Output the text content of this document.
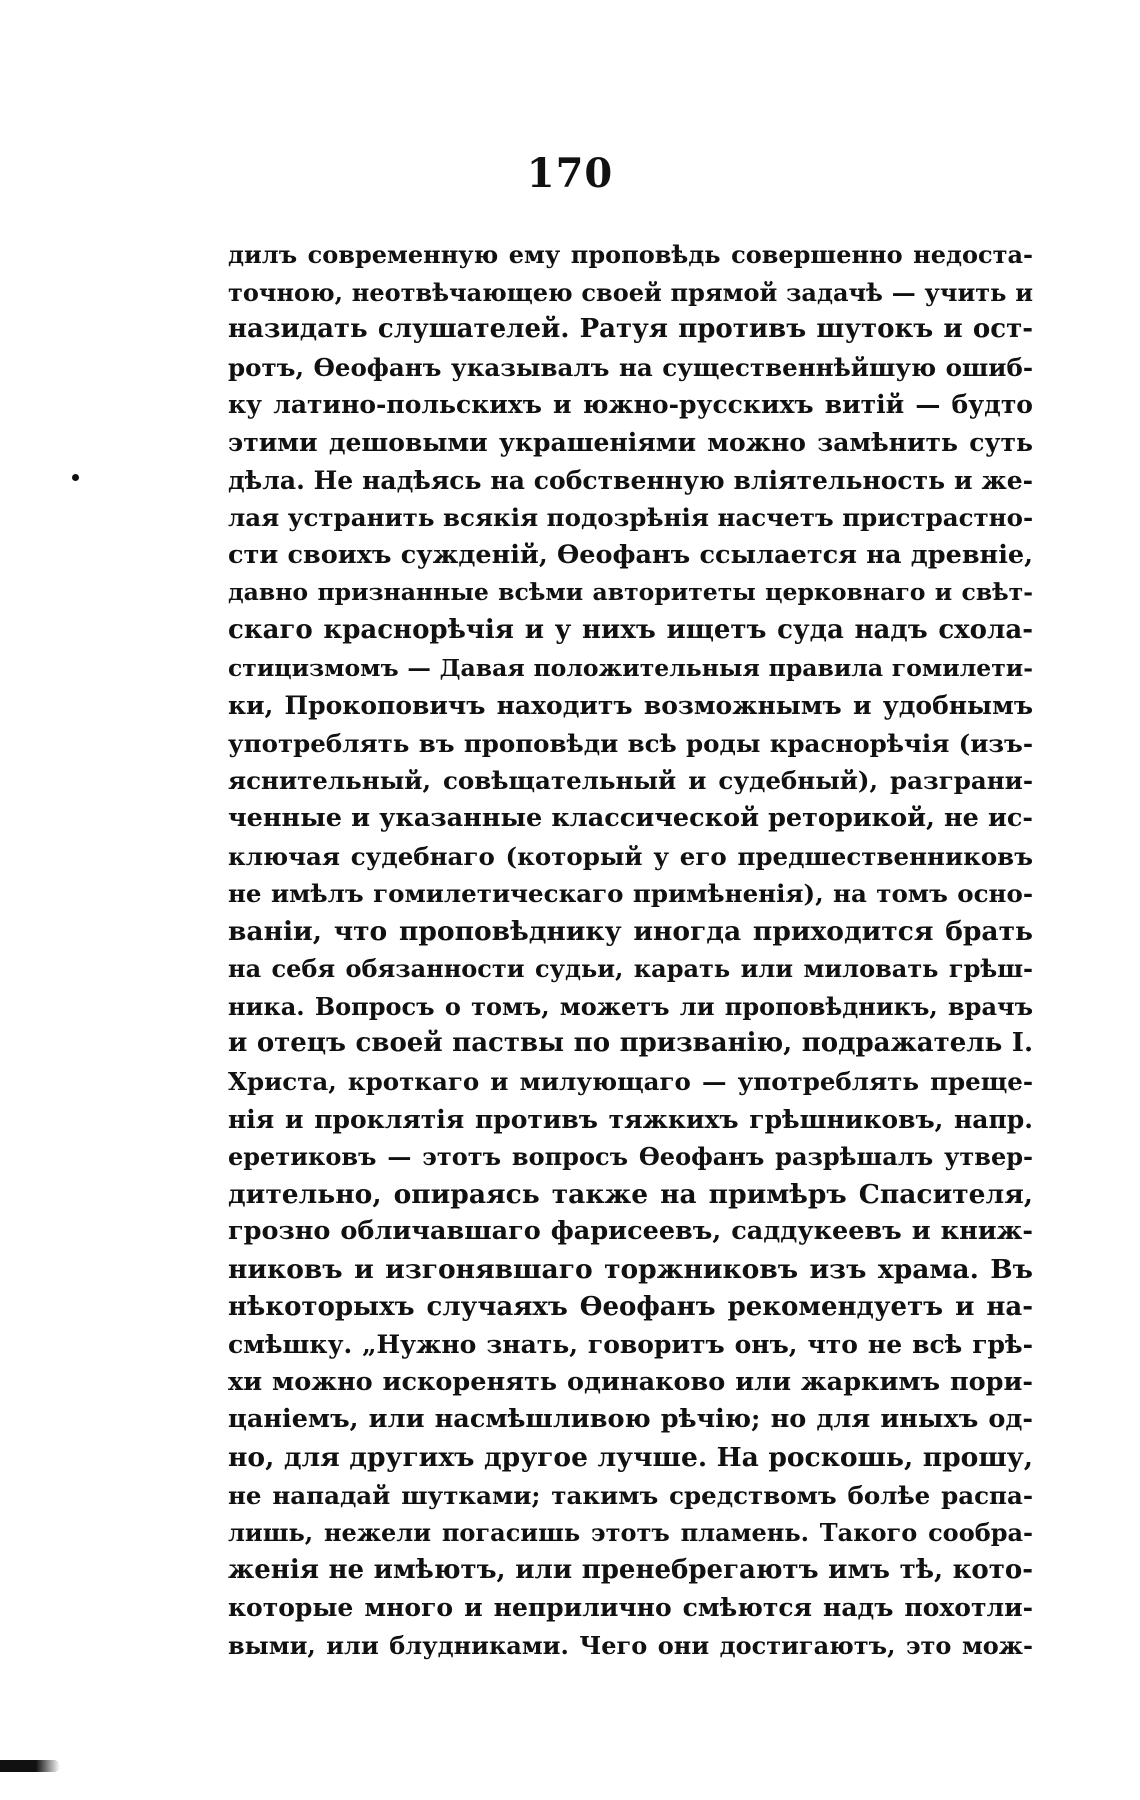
170
дилъ современную ему проповѣдь совершенно недоста-
точною, неотвѣчающею своей прямой задачѣ — учить и
назидать слушателей. Ратуя противъ шутокъ и ост-
ротъ, Ѳеофанъ указывалъ на существеннѣйшую ошиб-
ку латино-польскихъ и южно-русскихъ витій — будто
этими дешовыми украшеніями можно замѣнить суть
дѣла. Не надѣясь на собственную вліятельность и же-
лая устранить всякія подозрѣнія насчетъ пристрастно-
сти своихъ сужденій, Ѳеофанъ ссылается на древніе,
давно признанные всѣми авторитеты церковнаго и свѣт-
скаго краснорѣчія и у нихъ ищетъ суда надъ схола-
стицизмомъ — Давая положительныя правила гомилети-
ки, Прокоповичъ находитъ возможнымъ и удобнымъ
употреблять въ проповѣди всѣ роды краснорѣчія (изъ-
яснительный, совѣщательный и судебный), разграни-
ченные и указанные классической реторикой, не ис-
ключая судебнаго (который у его предшественниковъ
не имѣлъ гомилетическаго примѣненія), на томъ осно-
ваніи, что проповѣднику иногда приходится брать
на себя обязанности судьи, карать или миловать грѣш-
ника. Вопросъ о томъ, можетъ ли проповѣдникъ, врачъ
и отецъ своей паствы по призванію, подражатель І.
Христа, кроткаго и милующаго — употреблять преще-
нія и проклятія противъ тяжкихъ грѣшниковъ, напр.
еретиковъ — этотъ вопросъ Ѳеофанъ разрѣшалъ утвер-
дительно, опираясь также на примѣръ Спасителя,
грозно обличавшаго фарисеевъ, саддукеевъ и книж-
никовъ и изгонявшаго торжниковъ изъ храма. Въ
нѣкоторыхъ случаяхъ Ѳеофанъ рекомендуетъ и на-
смѣшку. „Нужно знать, говоритъ онъ, что не всѣ грѣ-
хи можно искоренять одинаково или жаркимъ пори-
цаніемъ, или насмѣшливою рѣчію; но для иныхъ од-
но, для другихъ другое лучше. На роскошь, прошу,
не нападай шутками; такимъ средствомъ болѣе распа-
лишь, нежели погасишь этотъ пламень. Такого сообра-
женія не имѣютъ, или пренебрегаютъ имъ тѣ, кото-
которые много и неприлично смѣются надъ похотли-
выми, или блудниками. Чего они достигаютъ, это мож-
